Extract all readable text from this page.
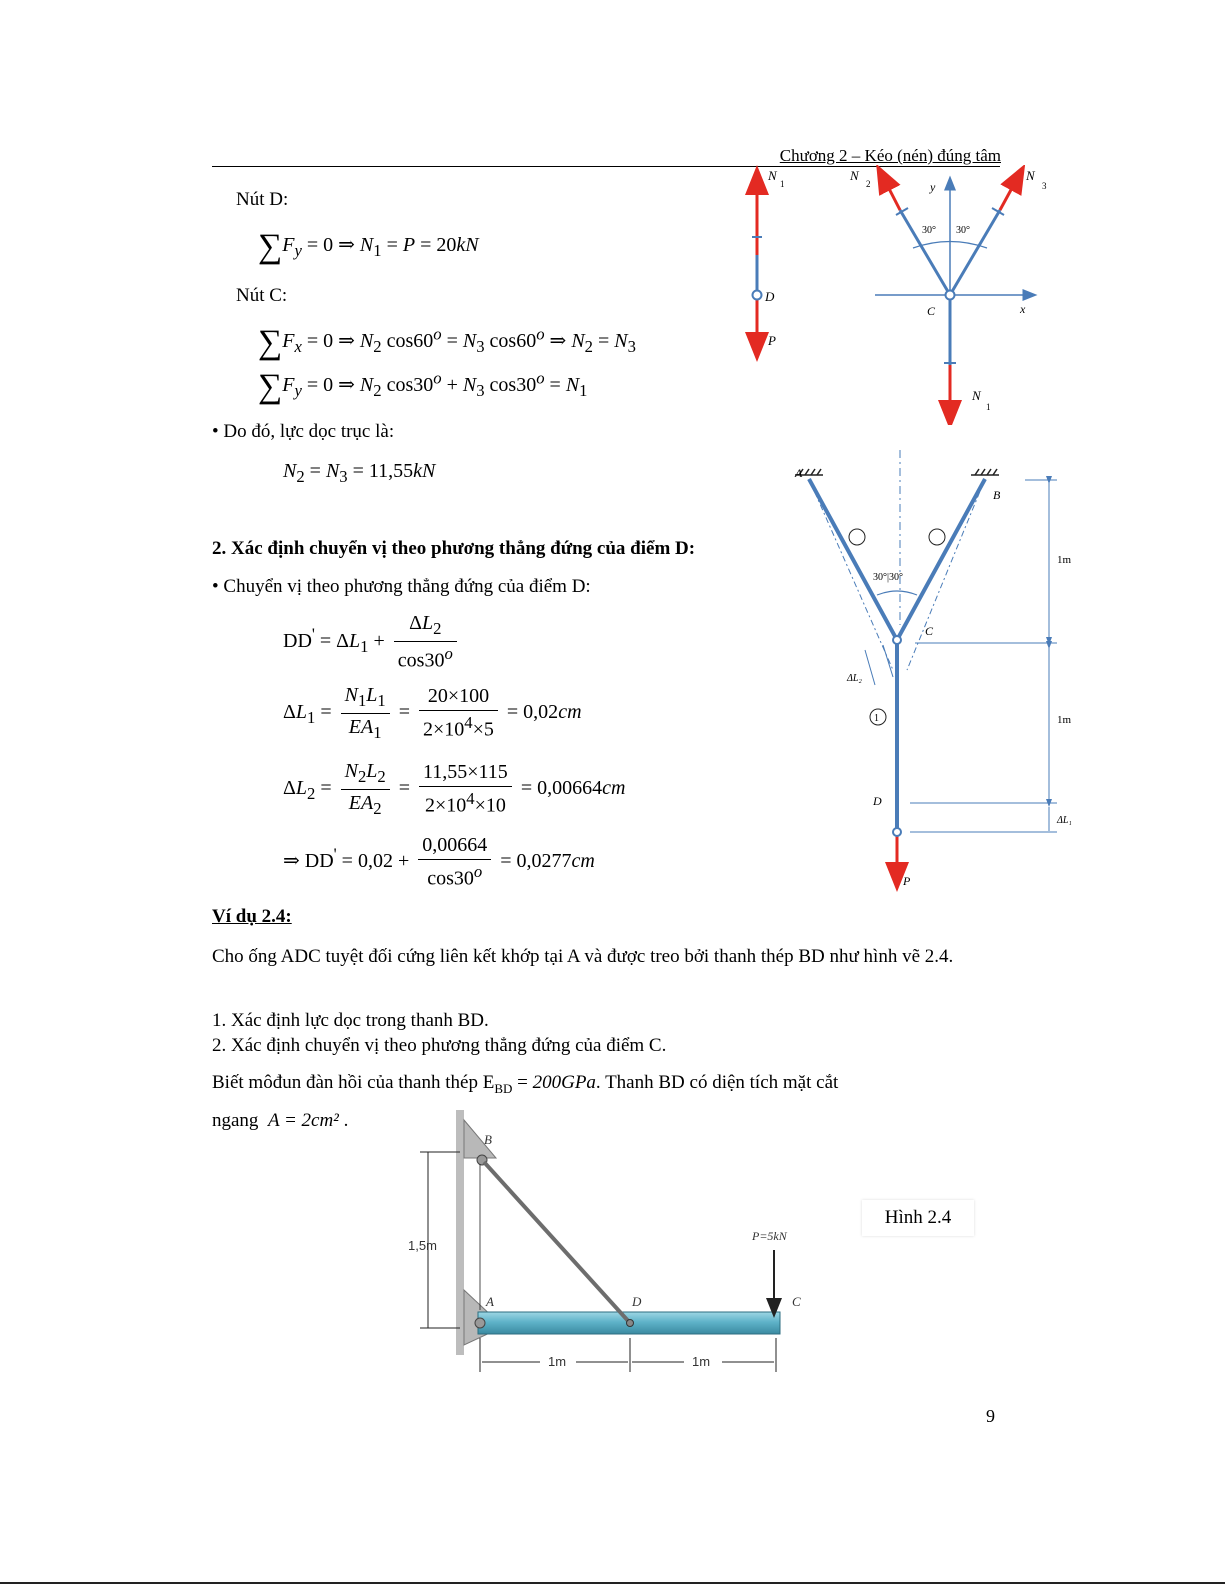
Chương 2 – Kéo (nén) đúng tâm
Nút D:
$\sum F_y = 0$ ⇒ $N_1 = P = 20kN$
Nút C:
$\sum F_x = 0$ ⇒ $N_2$ $\cos 60^o = N_3$ cos60$^o$ ⇒ $N_2 = N_3$
$\sum F_y = 0$ ⇒ $N_2$ $\cos 30^o + N_3$ $\cos 30^o = N_1$
• Do đó, lực dọc trục là:
$N_2 = N_3 = 11,55kN$
2. Xác định chuyển vị theo phương thẳng đứng của điểm D:
• Chuyển vị theo phương thẳng đứng của điểm D:
$DD' = \Delta L_1 + \frac{\Delta L_2}{\cos 30^o}$
$\Delta L_1 = \frac{N_1L_1}{EA_1} = \frac{20\times 100}{2\times 10^4\times 5} = 0,02cm$
$\Delta L_2 = \frac{N_2L_2}{EA_2} = \frac{11,55\times 115}{2\times 10^4\times 10} = 0,00664cm$
⇒ $DD' = 0,02 + \frac{0,00664}{\cos 30^o} = 0,0277cm$
Ví dụ 2.4:
Cho ống ADC tuyệt đối cứng liên kết khớp tại A và được treo bởi thanh thép BD như hình vẽ 2.4.
1. Xác định lực dọc trong thanh BD.
2. Xác định chuyển vị theo phương thẳng đứng của điểm C.
Biết môđun đàn hồi của thanh thép $E_{BD} = 200GPa$. Thanh BD có diện tích mặt cắt
ngang A = 2cm² .
N
1
D
P
N
2
N
3
y
x
C
30° 30°
N
1
1
A
B
C
D
P
30°|30°
ΔL₂
1m
1m
ΔL₁
B
A	D	C
1,5m
P=5kN
1m	1m
Hình 2.4
9
